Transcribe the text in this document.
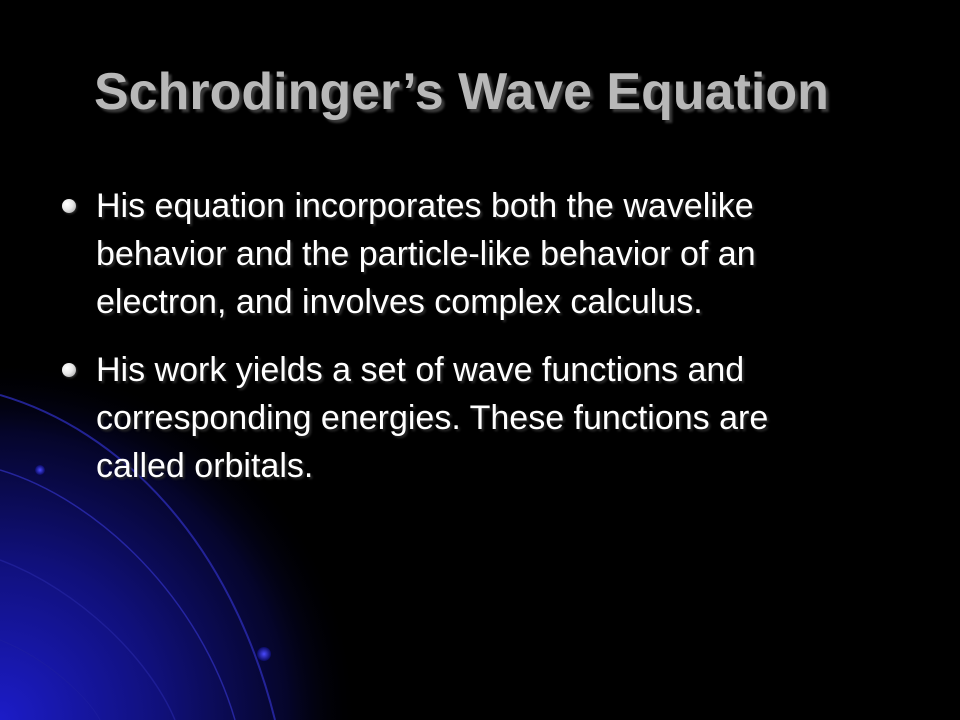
Schrodinger’s Wave Equation
His equation incorporates both the wavelike behavior and the particle-like behavior of an electron, and involves complex calculus.
His work yields a set of wave functions and corresponding energies. These functions are called orbitals.
